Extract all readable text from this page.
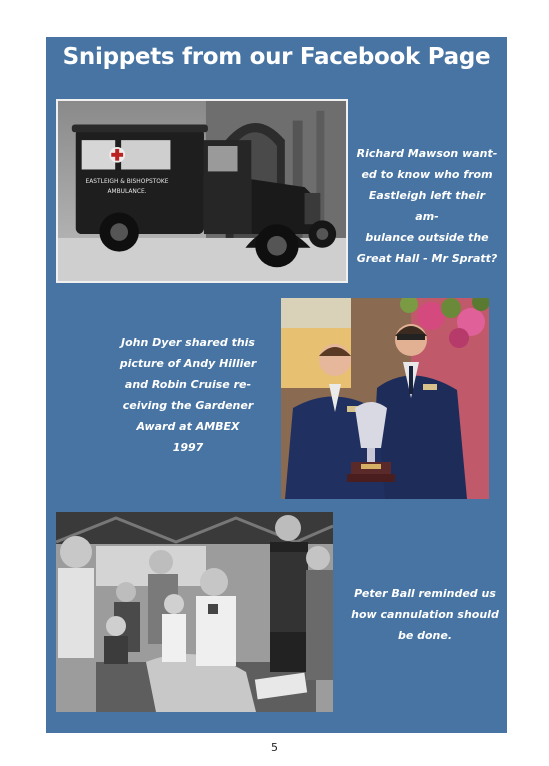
Snippets from our Facebook Page
EASTLEIGH & BISHOPSTOKE
AMBULANCE.
Richard Mawson want-
ed to know who from
Eastleigh left their am-
bulance outside the
Great Hall - Mr Spratt?
John Dyer shared this
picture of Andy Hillier
and Robin Cruise re-
ceiving the Gardener
Award at AMBEX
1997
Peter Ball reminded us
how cannulation should
be done.
5
